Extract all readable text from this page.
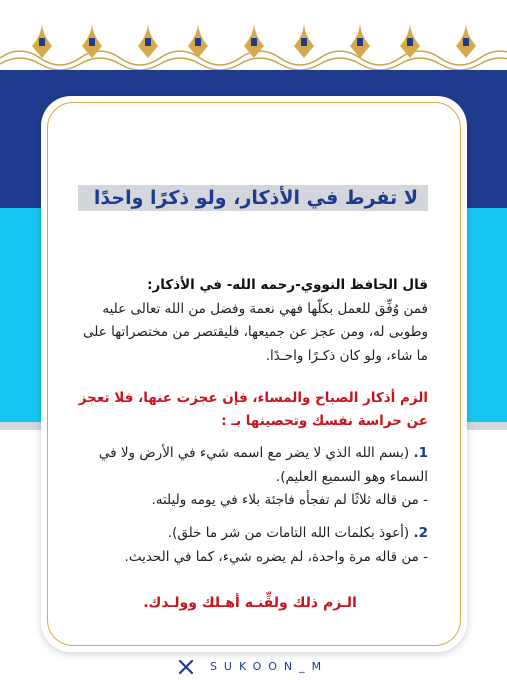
لا تفرط في الأذكار، ولو ذكرًا واحدًا
قال الحافظ النووي-رحمه الله- في الأذكار:
فمن وُفِّق للعمل بكلّها فهي نعمة وفضل من الله تعالى عليه وطوبى له، ومن عجز عن جميعها، فليقتصر من مختصراتها على ما شاء، ولو كان ذكـرًا واحـدًا.
الزم أذكار الصباح والمساء، فإن عجزت عنها، فلا تعجز عن حراسة نفسك وتحصينها بـ :
1. (بسم الله الذي لا يضر مع اسمه شيء في الأرض ولا في السماء وهو السميع العليم).
- من قاله ثلاثًا لم تفجأه فاجئة بلاء في يومه وليلته.
2. (أعوذ بكلمات الله التامات من شر ما خلق).
- من قاله مرة واحدة، لم يضره شيء، كما في الحديث.
الـزم ذلك ولقِّنـه أهـلك وولـدك.
SUKOON_M
